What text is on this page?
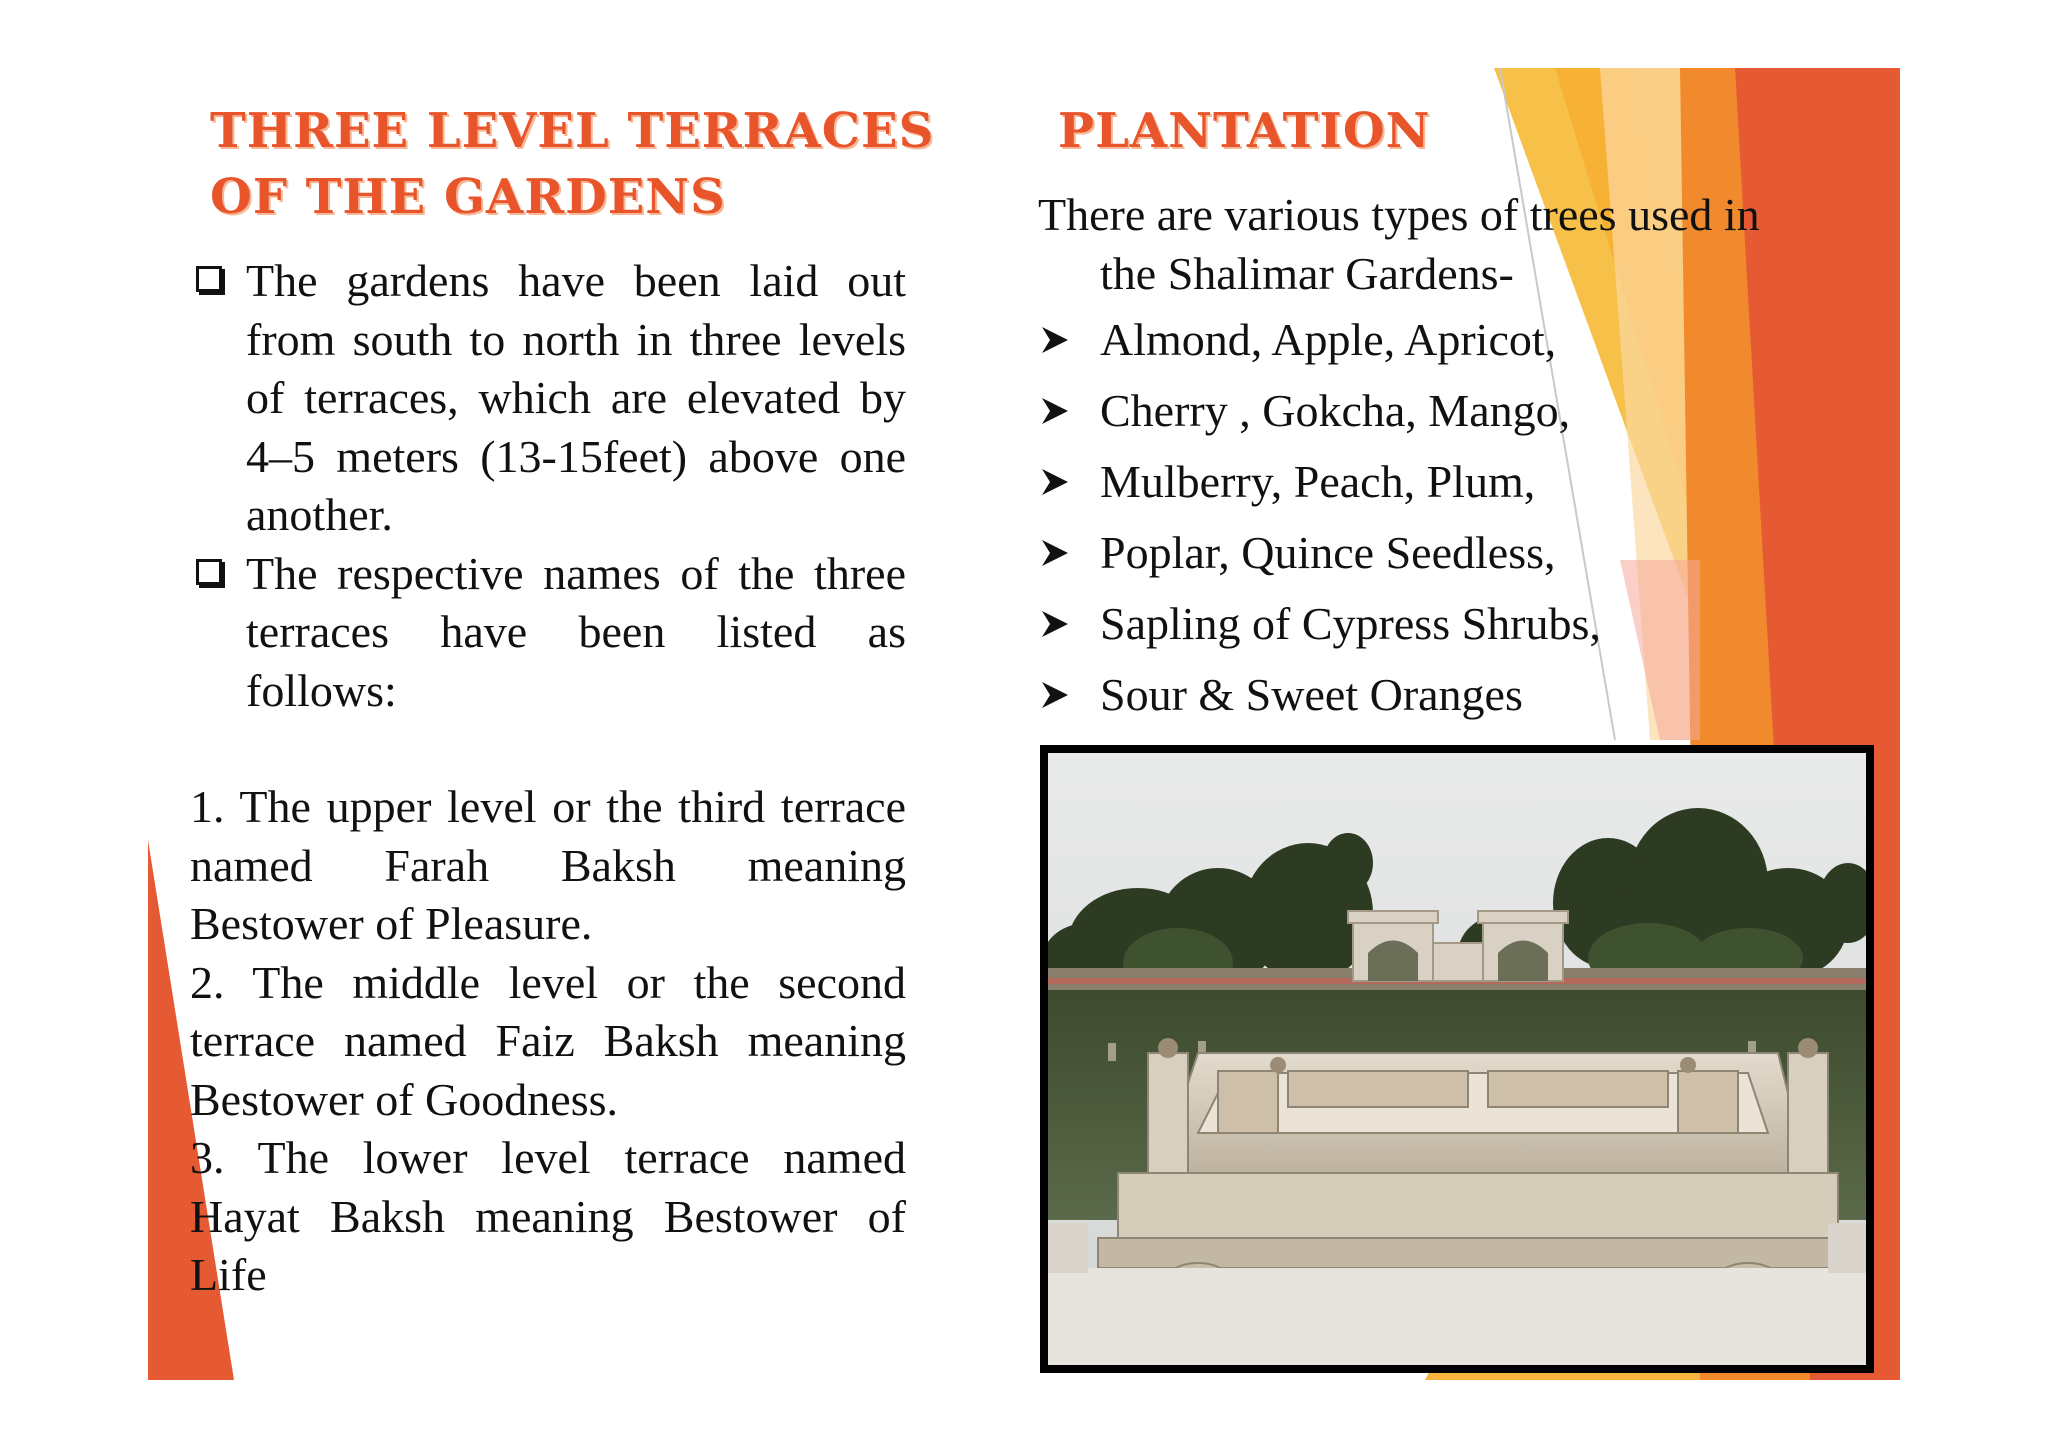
THREE LEVEL TERRACES
OF THE GARDENS
The gardens have been laid out from south to north in three levels of terraces, which are elevated by 4–5 meters (13-15feet) above one another.
The respective names of the three terraces have been listed as follows:
1. The upper level or the third terrace named Farah Baksh meaning Bestower of Pleasure.
2. The middle level or the second terrace named Faiz Baksh meaning Bestower of Goodness.
3. The lower level terrace named Hayat Baksh meaning Bestower of Life
PLANTATION
There are various types of trees used in
the Shalimar Gardens-
Almond, Apple, Apricot,
Cherry , Gokcha, Mango,
Mulberry, Peach, Plum,
Poplar, Quince Seedless,
Sapling of Cypress Shrubs,
Sour & Sweet Oranges
